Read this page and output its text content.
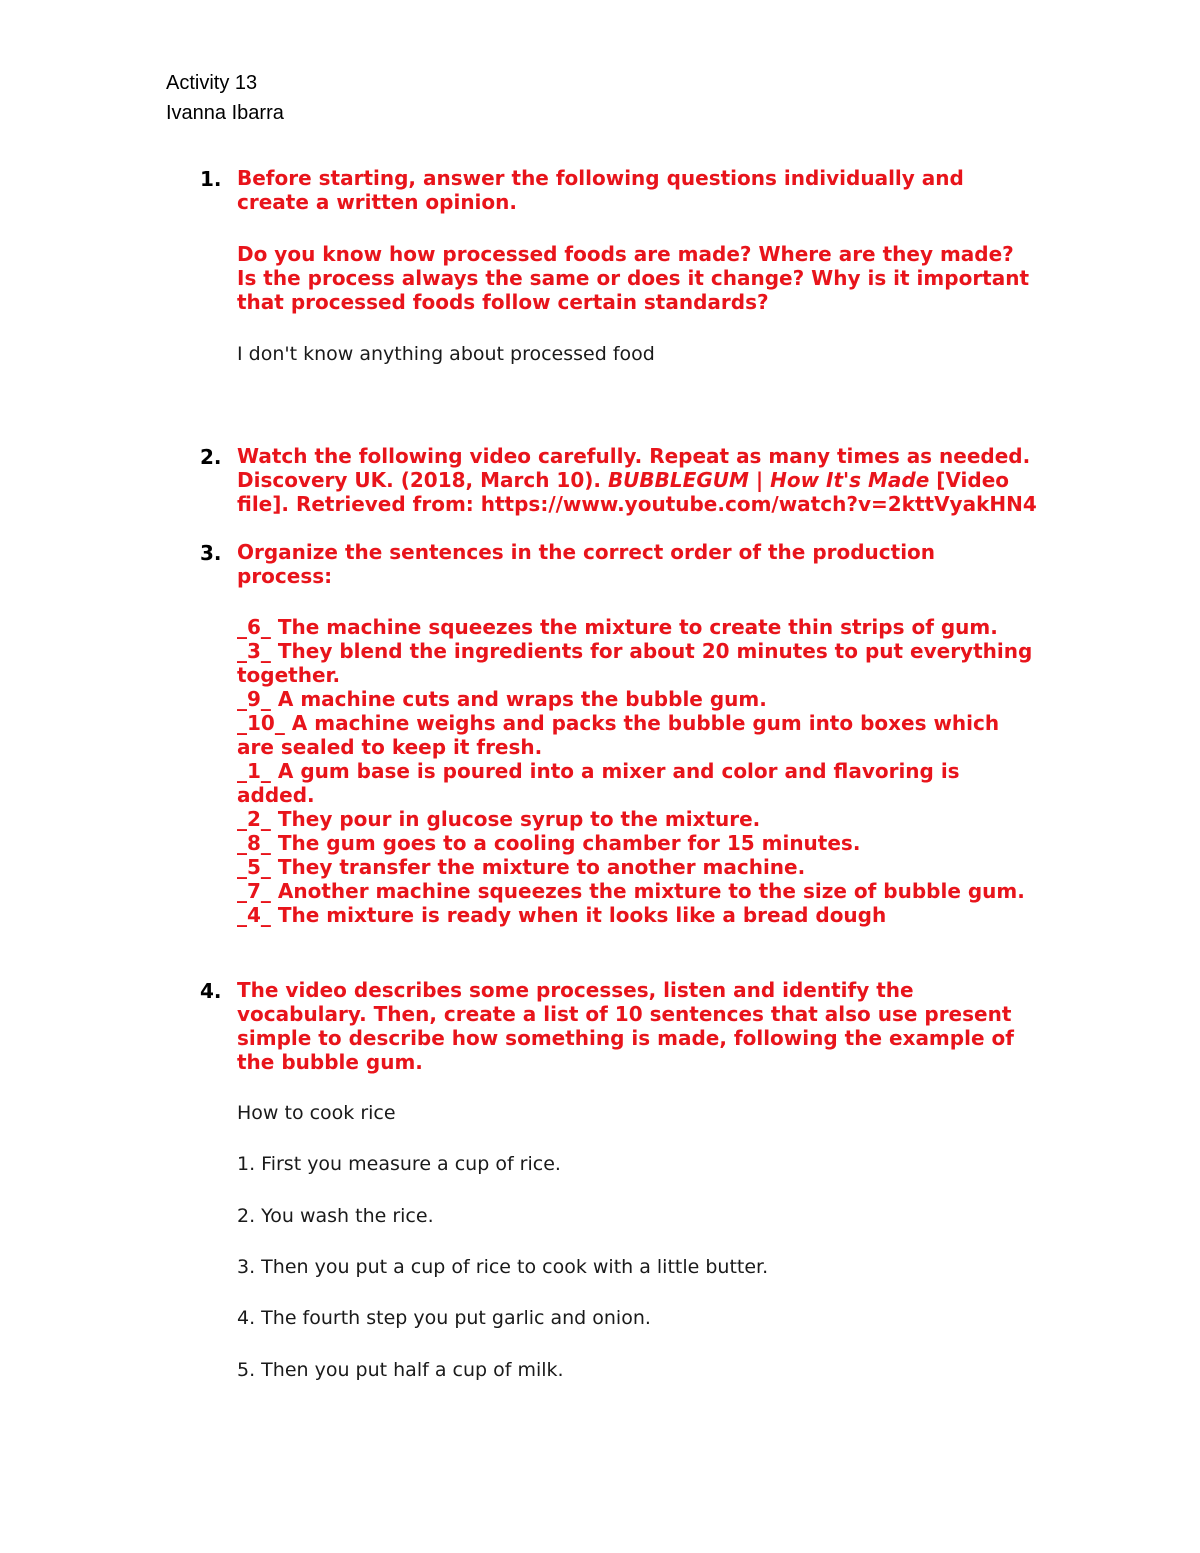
Activity 13
Ivanna Ibarra
1. Before starting, answer the following questions individually and create a written opinion.
Do you know how processed foods are made? Where are they made? Is the process always the same or does it change? Why is it important that processed foods follow certain standards?
I don't know anything about processed food
2. Watch the following video carefully. Repeat as many times as needed. Discovery UK. (2018, March 10). BUBBLEGUM | How It's Made [Video file]. Retrieved from: https://www.youtube.com/watch?v=2kttVyakHN4
3. Organize the sentences in the correct order of the production process:

_6_ The machine squeezes the mixture to create thin strips of gum.

_3_ They blend the ingredients for about 20 minutes to put everything together.

_9_ A machine cuts and wraps the bubble gum.

_10_ A machine weighs and packs the bubble gum into boxes which are sealed to keep it fresh.

_1_ A gum base is poured into a mixer and color and flavoring is added.

_2_ They pour in glucose syrup to the mixture.

_8_ The gum goes to a cooling chamber for 15 minutes.

_5_ They transfer the mixture to another machine.

_7_ Another machine squeezes the mixture to the size of bubble gum.

_4_ The mixture is ready when it looks like a bread dough

4. The video describes some processes, listen and identify the vocabulary. Then, create a list of 10 sentences that also use present simple to describe how something is made, following the example of the bubble gum.
How to cook rice
1. First you measure a cup of rice.
2. You wash the rice.
3. Then you put a cup of rice to cook with a little butter.
4. The fourth step you put garlic and onion.
5. Then you put half a cup of milk.
